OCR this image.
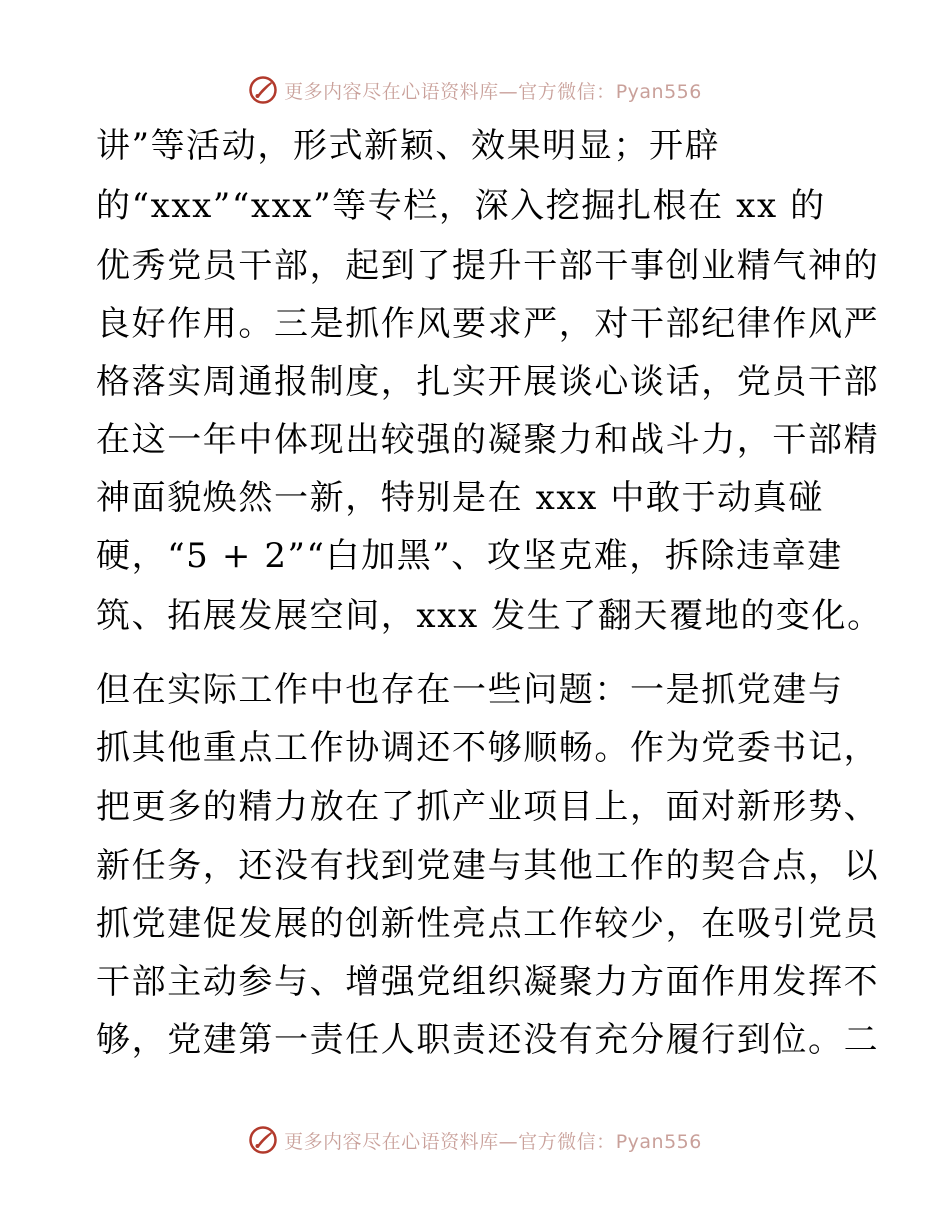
更多内容尽在心语资料库—官方微信：Pyan556
讲”等活动，形式新颖、效果明显；开辟
的“xxx”“xxx”等专栏，深入挖掘扎根在 xx 的
优秀党员干部，起到了提升干部干事创业精气神的
良好作用。三是抓作风要求严，对干部纪律作风严
格落实周通报制度，扎实开展谈心谈话，党员干部
在这一年中体现出较强的凝聚力和战斗力，干部精
神面貌焕然一新，特别是在 xxx 中敢于动真碰
硬，“5 + 2”“白加黑”、攻坚克难，拆除违章建
筑、拓展发展空间，xxx 发生了翻天覆地的变化。
但在实际工作中也存在一些问题：一是抓党建与
抓其他重点工作协调还不够顺畅。作为党委书记，
把更多的精力放在了抓产业项目上，面对新形势、
新任务，还没有找到党建与其他工作的契合点，以
抓党建促发展的创新性亮点工作较少，在吸引党员
干部主动参与、增强党组织凝聚力方面作用发挥不
够，党建第一责任人职责还没有充分履行到位。二
更多内容尽在心语资料库—官方微信：Pyan556
